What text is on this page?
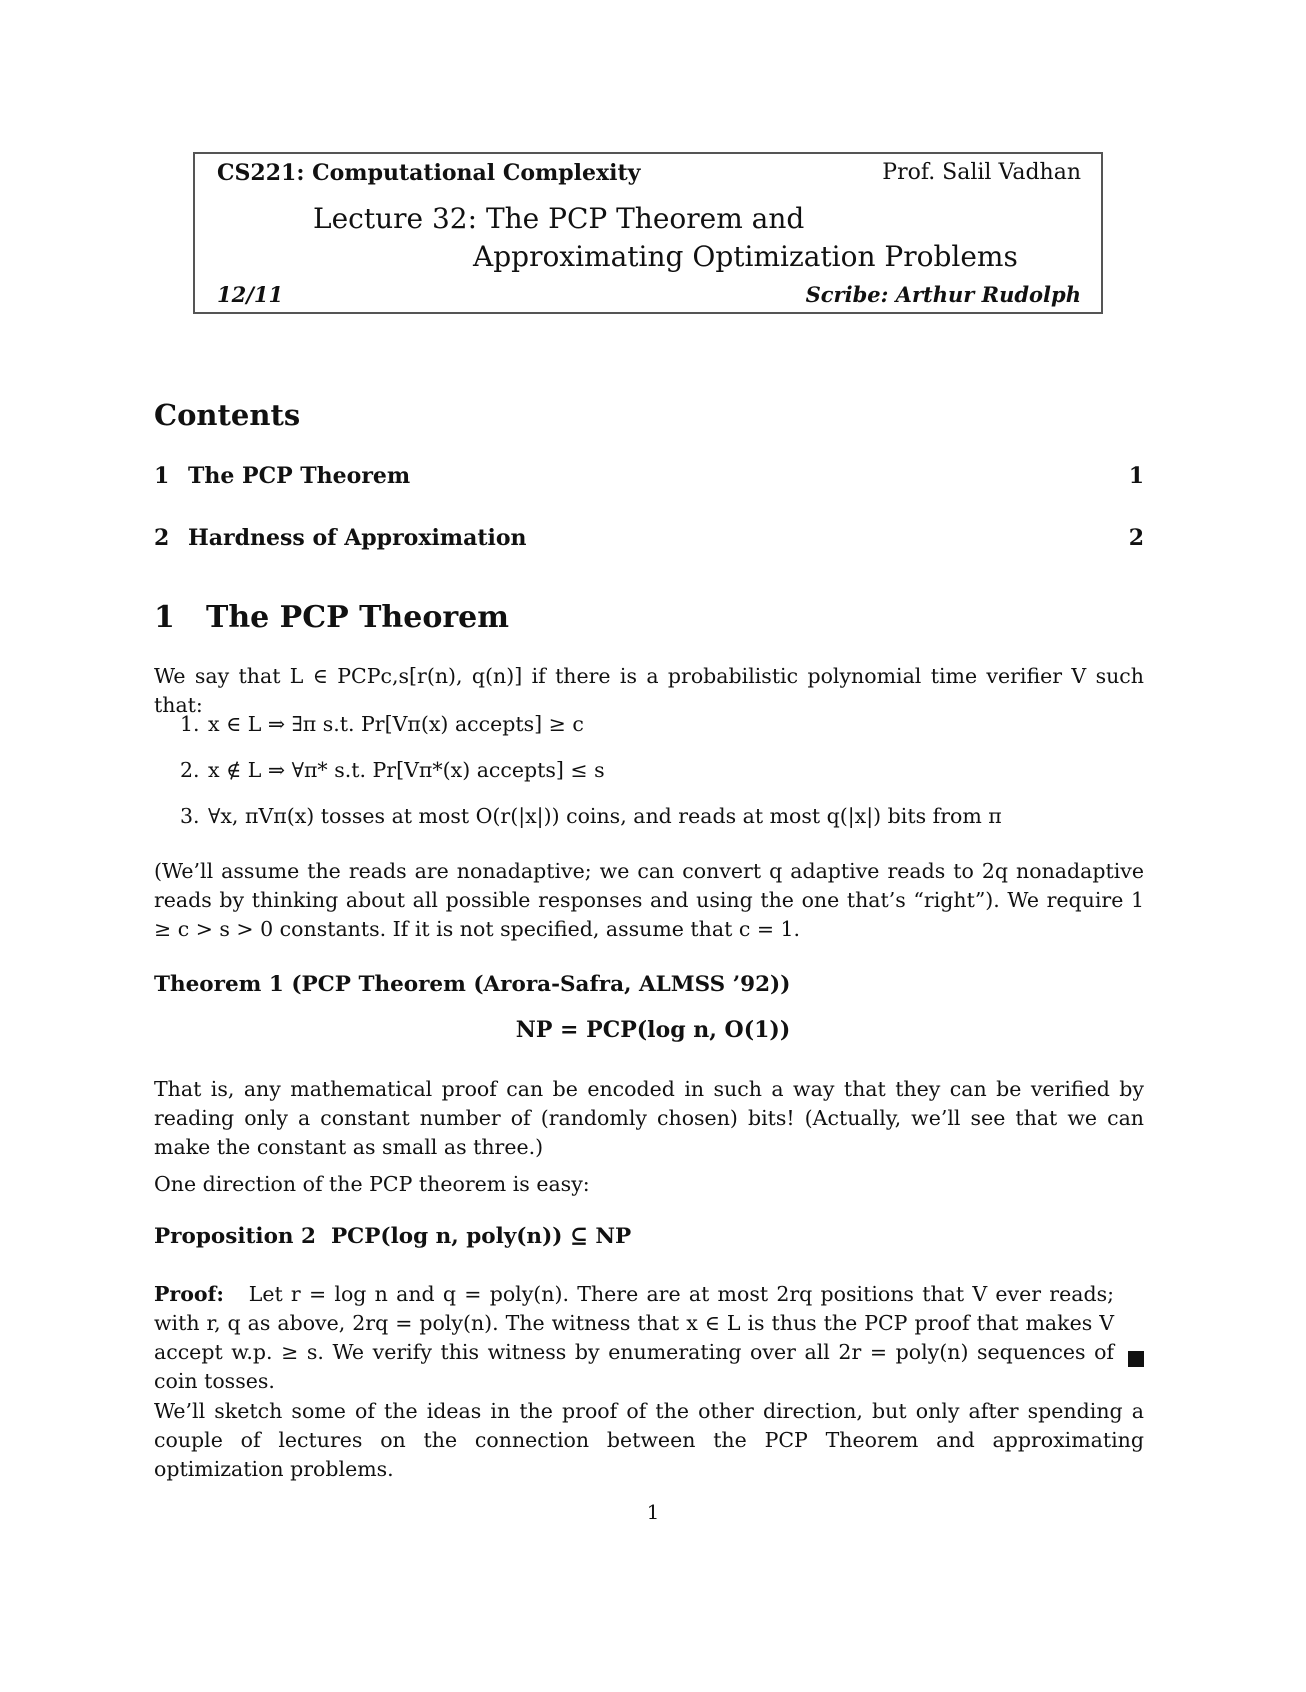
CS221: Computational Complexity	Prof. Salil Vadhan
Lecture 32: The PCP Theorem and
Approximating Optimization Problems
12/11	Scribe: Arthur Rudolph
Contents
1 The PCP Theorem	1
2 Hardness of Approximation	2
1 The PCP Theorem
We say that L ∈ PCPc,s[r(n), q(n)] if there is a probabilistic polynomial time verifier V such that:
1. x ∈ L ⇒ ∃π s.t. Pr[Vπ(x) accepts] ≥ c
2. x ∉ L ⇒ ∀π* s.t. Pr[Vπ*(x) accepts] ≤ s
3. ∀x, πVπ(x) tosses at most O(r(|x|)) coins, and reads at most q(|x|) bits from π
(We’ll assume the reads are nonadaptive; we can convert q adaptive reads to 2q nonadaptive reads by thinking about all possible responses and using the one that’s “right”). We require 1 ≥ c > s > 0 constants. If it is not specified, assume that c = 1.
Theorem 1 (PCP Theorem (Arora-Safra, ALMSS ’92))
NP = PCP(log n, O(1))
That is, any mathematical proof can be encoded in such a way that they can be verified by reading only a constant number of (randomly chosen) bits! (Actually, we’ll see that we can make the constant as small as three.)
One direction of the PCP theorem is easy:
Proposition 2 PCP(log n, poly(n)) ⊆ NP
Proof: Let r = log n and q = poly(n). There are at most 2rq positions that V ever reads; with r, q as above, 2rq = poly(n). The witness that x ∈ L is thus the PCP proof that makes V accept w.p. ≥ s. We verify this witness by enumerating over all 2r = poly(n) sequences of coin tosses.
We’ll sketch some of the ideas in the proof of the other direction, but only after spending a couple of lectures on the connection between the PCP Theorem and approximating optimization problems.
1
